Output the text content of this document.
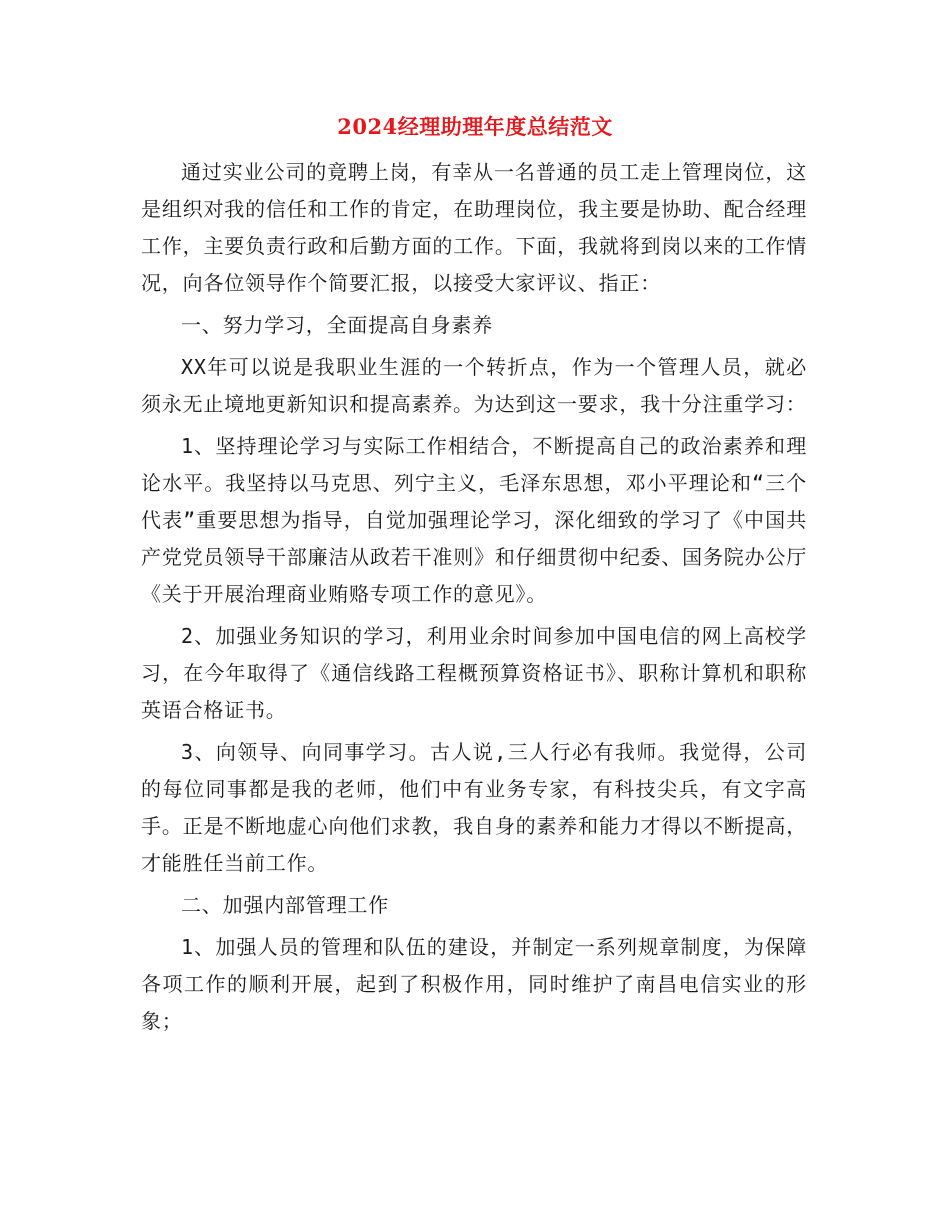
2024经理助理年度总结范文

通过实业公司的竟聘上岗，有幸从一名普通的员工走上管理岗位，这是组织对我的信任和工作的肯定，在助理岗位，我主要是协助、配合经理工作，主要负责行政和后勤方面的工作。下面，我就将到岗以来的工作情况，向各位领导作个简要汇报，以接受大家评议、指正：

一、努力学习，全面提高自身素养

XX年可以说是我职业生涯的一个转折点，作为一个管理人员，就必须永无止境地更新知识和提高素养。为达到这一要求，我十分注重学习：

1、坚持理论学习与实际工作相结合，不断提高自己的政治素养和理论水平。我坚持以马克思、列宁主义，毛泽东思想，邓小平理论和“三个代表”重要思想为指导，自觉加强理论学习，深化细致的学习了《中国共产党党员领导干部廉洁从政若干准则》和仔细贯彻中纪委、国务院办公厅《关于开展治理商业贿赂专项工作的意见》。

2、加强业务知识的学习，利用业余时间参加中国电信的网上高校学习，在今年取得了《通信线路工程概预算资格证书》、职称计算机和职称英语合格证书。

3、向领导、向同事学习。古人说,三人行必有我师。我觉得，公司的每位同事都是我的老师，他们中有业务专家，有科技尖兵，有文字高手。正是不断地虚心向他们求教，我自身的素养和能力才得以不断提高，才能胜任当前工作。

二、加强内部管理工作

1、加强人员的管理和队伍的建设，并制定一系列规章制度，为保障各项工作的顺利开展，起到了积极作用，同时维护了南昌电信实业的形象；
